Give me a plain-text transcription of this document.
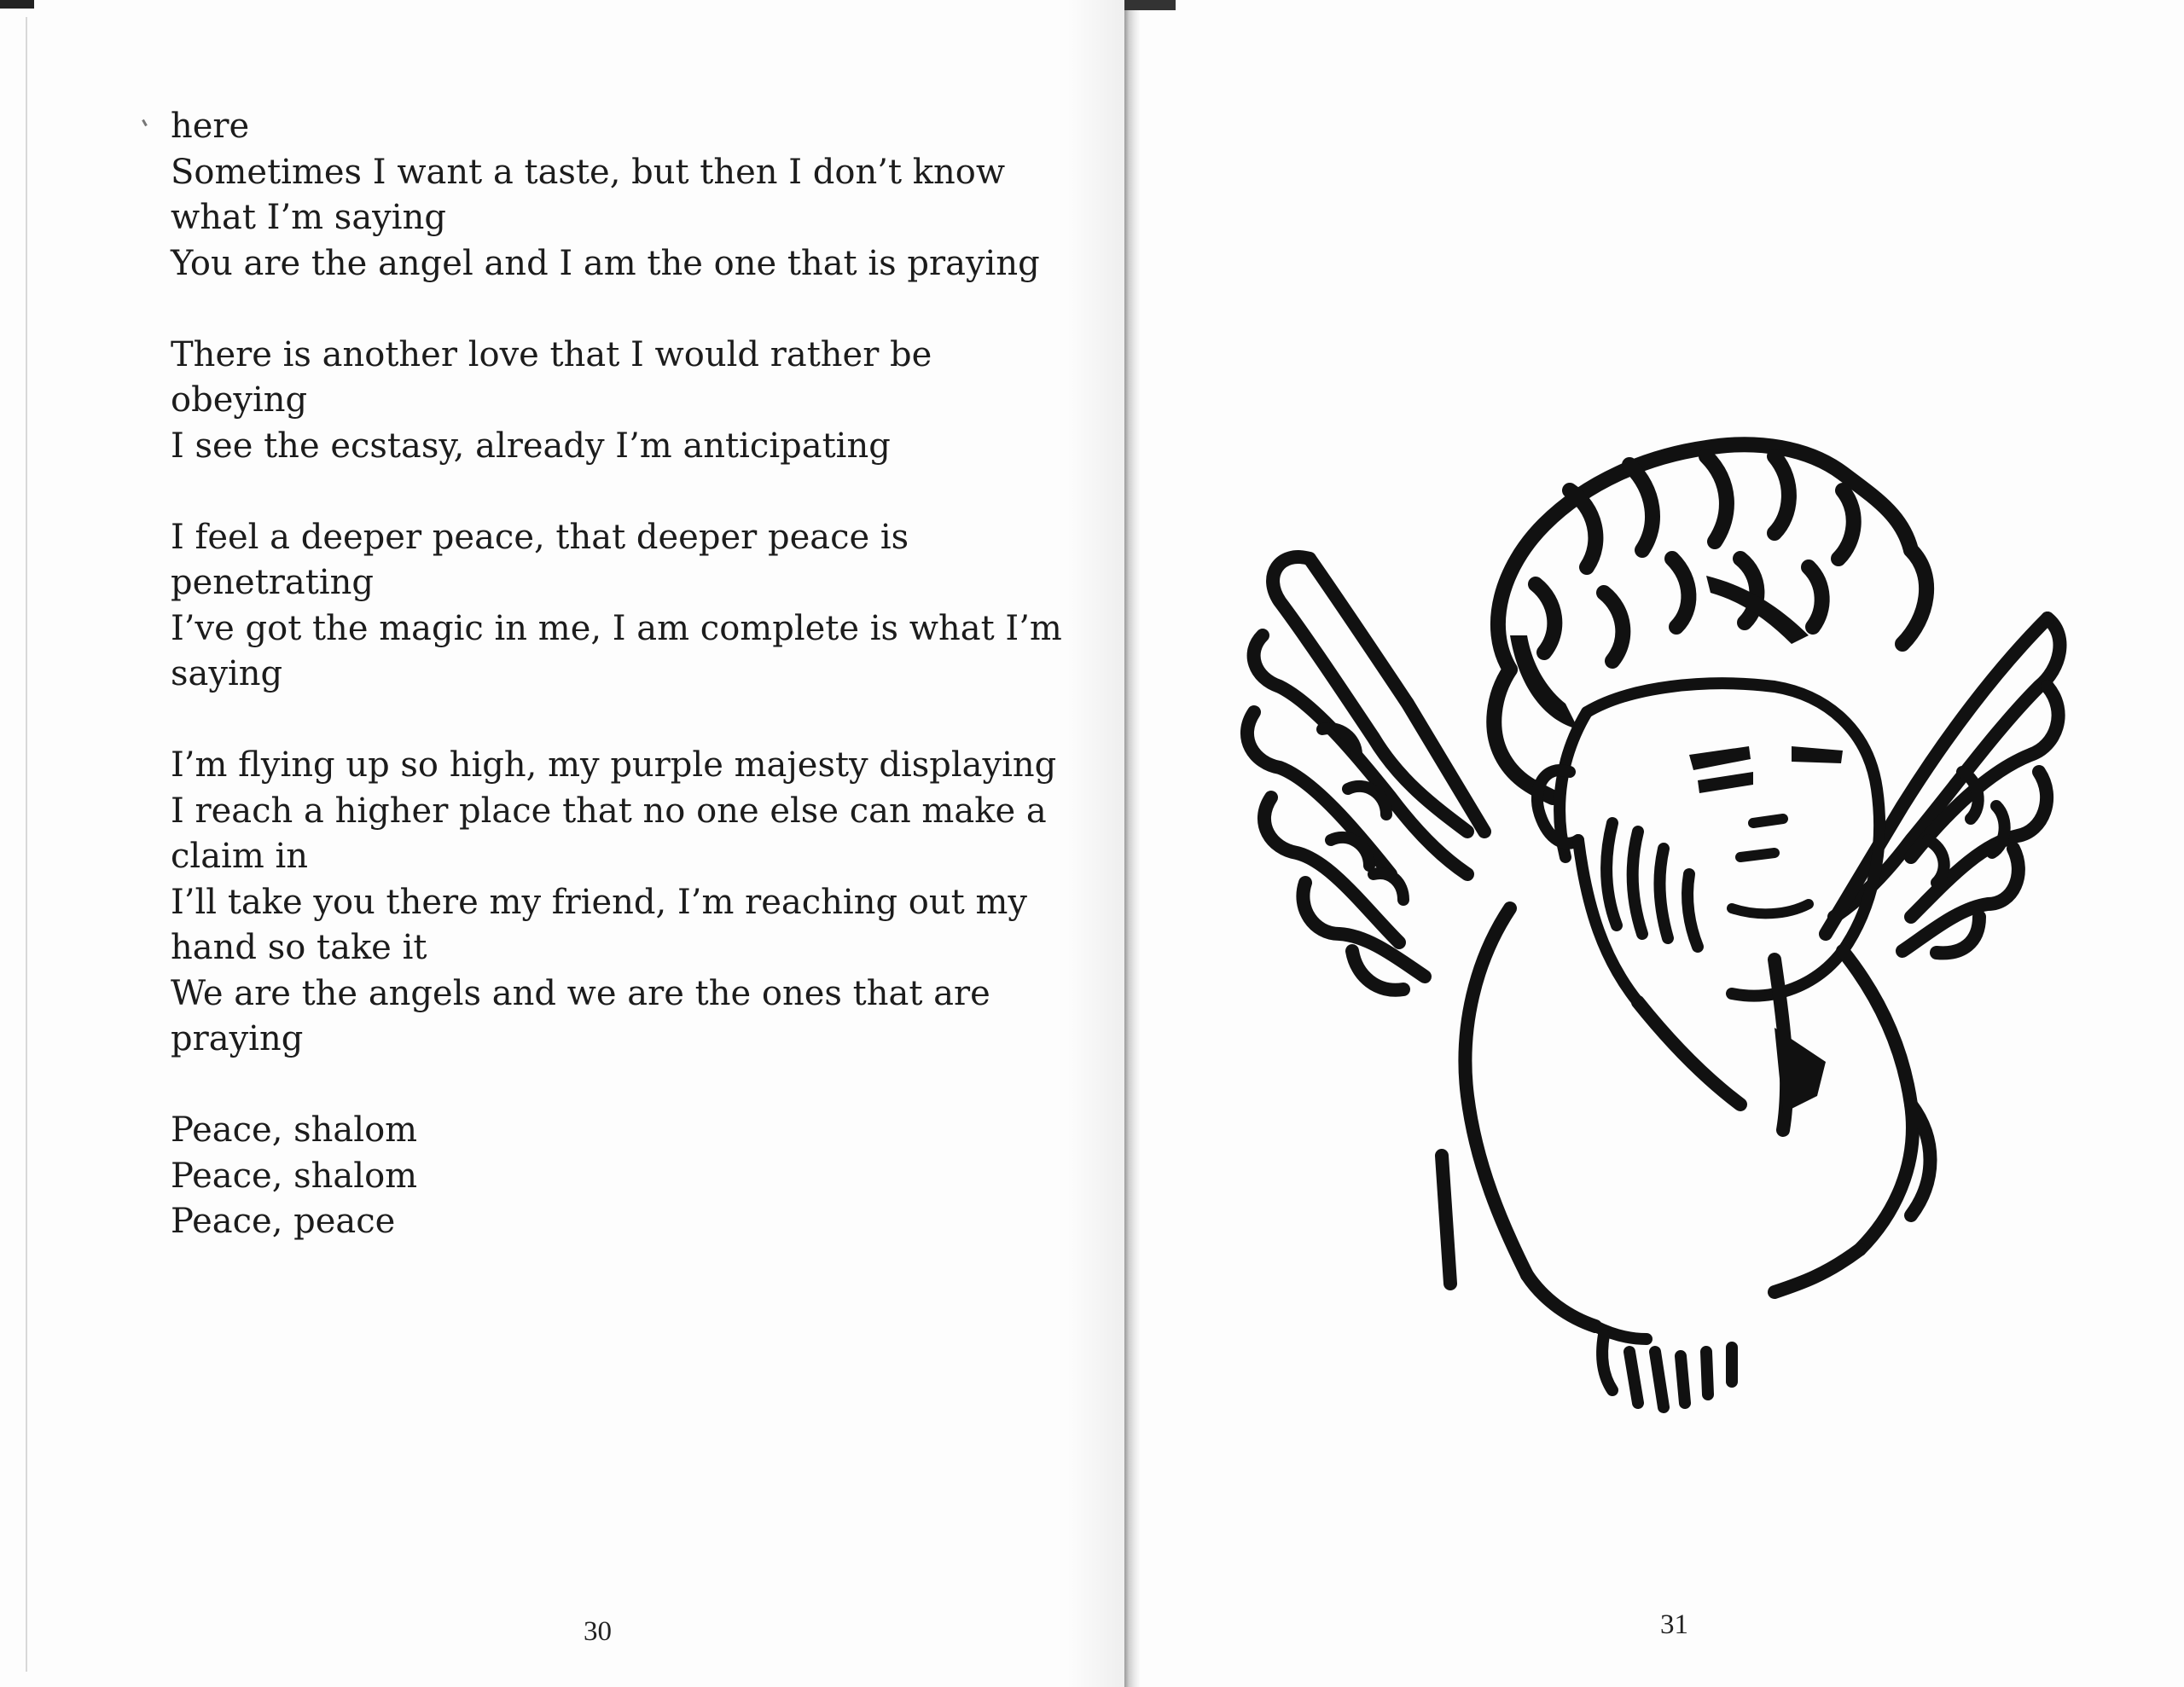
here
Sometimes I want a taste, but then I don’t know
what I’m saying
You are the angel and I am the one that is praying
There is another love that I would rather be
obeying
I see the ecstasy, already I’m anticipating
I feel a deeper peace, that deeper peace is
penetrating
I’ve got the magic in me, I am complete is what I’m
saying
I’m flying up so high, my purple majesty displaying
I reach a higher place that no one else can make a
claim in
I’ll take you there my friend, I’m reaching out my
hand so take it
We are the angels and we are the ones that are
praying
Peace, shalom
Peace, shalom
Peace, peace
30	31
